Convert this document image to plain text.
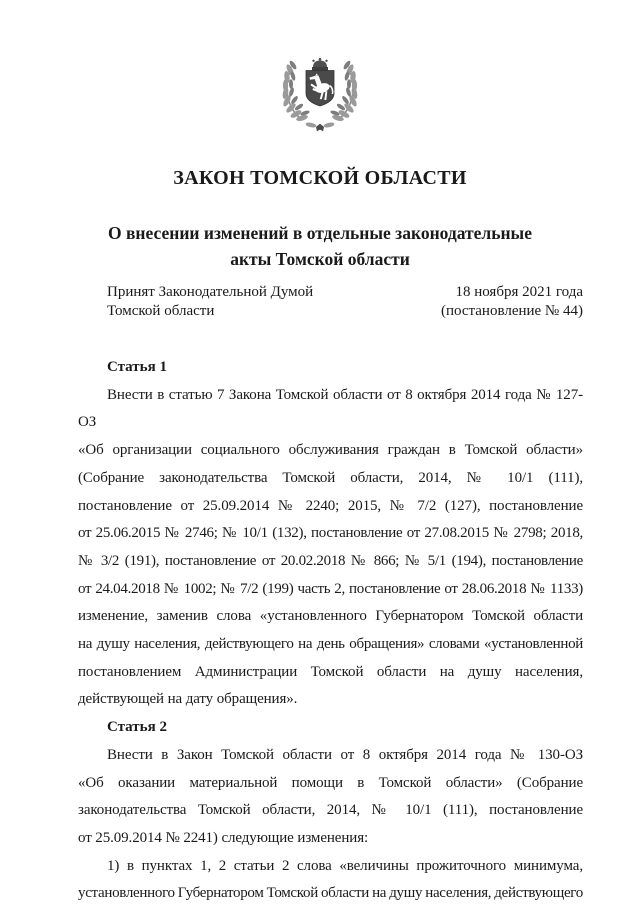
ЗАКОН ТОМСКОЙ ОБЛАСТИ
О внесении изменений в отдельные законодательные
акты Томской области
Принят Законодательной Думой
Томской области
18 ноября 2021 года
(постановление № 44)
Статья 1
Внести в статью 7 Закона Томской области от 8 октября 2014 года № 127-ОЗ
«Об организации социального обслуживания граждан в Томской области»
(Собрание законодательства Томской области, 2014, № 10/1 (111),
постановление от 25.09.2014 № 2240; 2015, № 7/2 (127), постановление
от 25.06.2015 № 2746; № 10/1 (132), постановление от 27.08.2015 № 2798; 2018,
№ 3/2 (191), постановление от 20.02.2018 № 866; № 5/1 (194), постановление
от 24.04.2018 № 1002; № 7/2 (199) часть 2, постановление от 28.06.2018 № 1133)
изменение, заменив слова «установленного Губернатором Томской области
на душу населения, действующего на день обращения» словами «установленной
постановлением Администрации Томской области на душу населения,
действующей на дату обращения».
Статья 2
Внести в Закон Томской области от 8 октября 2014 года № 130-ОЗ
«Об оказании материальной помощи в Томской области» (Собрание
законодательства Томской области, 2014, № 10/1 (111), постановление
от 25.09.2014 № 2241) следующие изменения:
1) в пунктах 1, 2 статьи 2 слова «величины прожиточного минимума,
установленного Губернатором Томской области на душу населения, действующего
